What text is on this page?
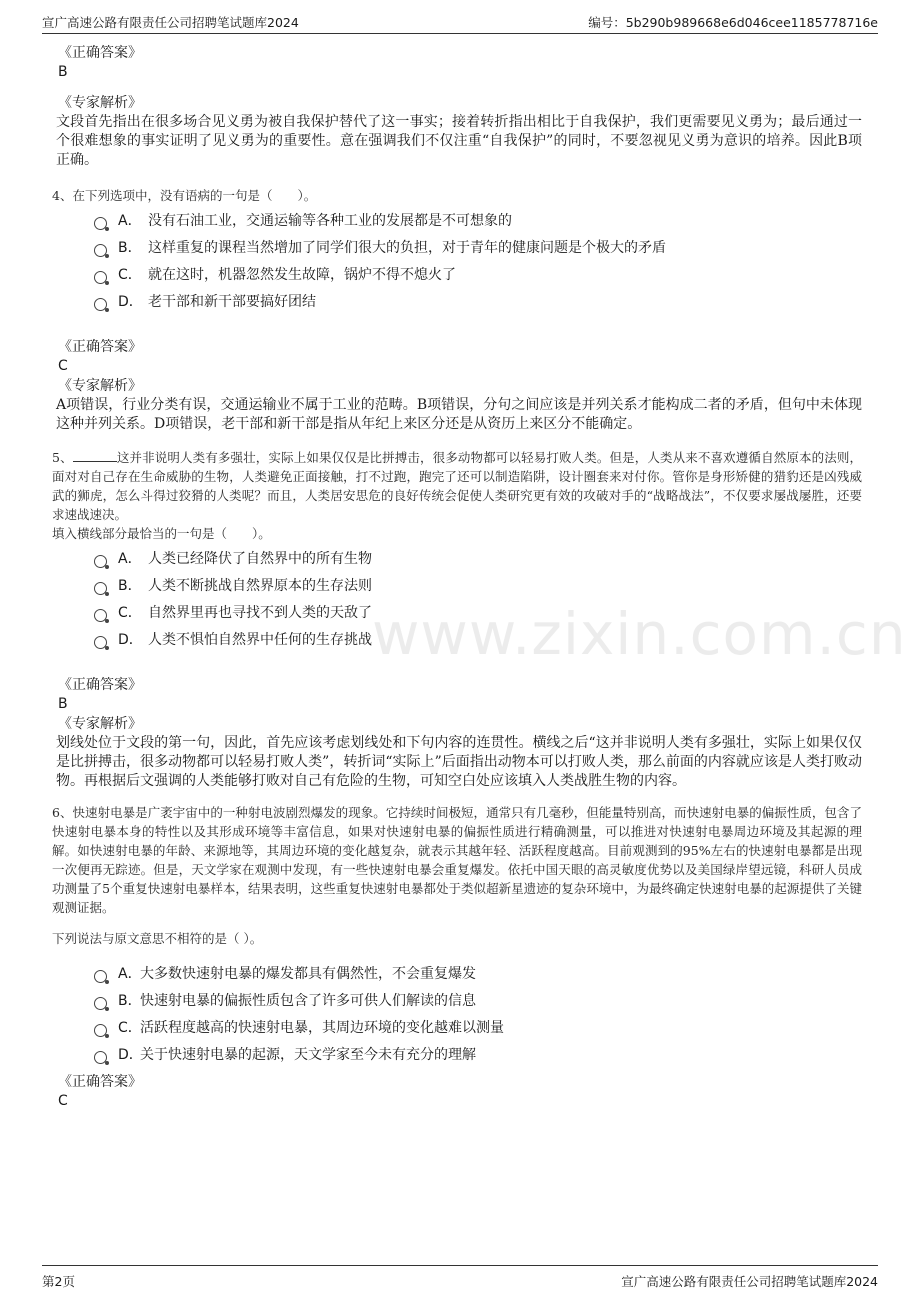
宣广高速公路有限责任公司招聘笔试题库2024	编号：5b290b989668e6d046cee1185778716e
www.zixin.com.cn
《正确答案》
B
《专家解析》
文段首先指出在很多场合见义勇为被自我保护替代了这一事实；接着转折指出相比于自我保护，我们更需要见义勇为；最后通过一个很难想象的事实证明了见义勇为的重要性。意在强调我们不仅注重“自我保护”的同时，不要忽视见义勇为意识的培养。因此B项正确。
4、在下列选项中，没有语病的一句是（　　）。
A． 没有石油工业，交通运输等各种工业的发展都是不可想象的
B． 这样重复的课程当然增加了同学们很大的负担，对于青年的健康问题是个极大的矛盾
C． 就在这时，机器忽然发生故障，锅炉不得不熄火了
D． 老干部和新干部要搞好团结
《正确答案》
C
《专家解析》
A项错误，行业分类有误，交通运输业不属于工业的范畴。B项错误，分句之间应该是并列关系才能构成二者的矛盾，但句中未体现这种并列关系。D项错误，老干部和新干部是指从年纪上来区分还是从资历上来区分不能确定。
5、	这并非说明人类有多强壮，实际上如果仅仅是比拼搏击，很多动物都可以轻易打败人类。但是，人类从来不喜欢遵循自然原本的法则，面对对自己存在生命威胁的生物，人类避免正面接触，打不过跑，跑完了还可以制造陷阱，设计圈套来对付你。管你是身形矫健的猎豹还是凶残威武的狮虎，怎么斗得过狡猾的人类呢？而且，人类居安思危的良好传统会促使人类研究更有效的攻破对手的“战略战法”，不仅要求屡战屡胜，还要求速战速决。
填入横线部分最恰当的一句是（　　）。
A． 人类已经降伏了自然界中的所有生物
B． 人类不断挑战自然界原本的生存法则
C． 自然界里再也寻找不到人类的天敌了
D． 人类不惧怕自然界中任何的生存挑战
《正确答案》
B
《专家解析》
划线处位于文段的第一句，因此，首先应该考虑划线处和下句内容的连贯性。横线之后“这并非说明人类有多强壮，实际上如果仅仅是比拼搏击，很多动物都可以轻易打败人类”，转折词“实际上”后面指出动物本可以打败人类，那么前面的内容就应该是人类打败动物。再根据后文强调的人类能够打败对自己有危险的生物，可知空白处应该填入人类战胜生物的内容。
6、快速射电暴是广袤宇宙中的一种射电波剧烈爆发的现象。它持续时间极短，通常只有几毫秒，但能量特别高，而快速射电暴的偏振性质，包含了快速射电暴本身的特性以及其形成环境等丰富信息，如果对快速射电暴的偏振性质进行精确测量，可以推进对快速射电暴周边环境及其起源的理解。如快速射电暴的年龄、来源地等，其周边环境的变化越复杂，就表示其越年轻、活跃程度越高。目前观测到的95%左右的快速射电暴都是出现一次便再无踪迹。但是，天文学家在观测中发现，有一些快速射电暴会重复爆发。依托中国天眼的高灵敏度优势以及美国绿岸望远镜，科研人员成功测量了5个重复快速射电暴样本，结果表明，这些重复快速射电暴都处于类似超新星遗迹的复杂环境中，为最终确定快速射电暴的起源提供了关键观测证据。
下列说法与原文意思不相符的是（ ）。
A．大多数快速射电暴的爆发都具有偶然性，不会重复爆发
B．快速射电暴的偏振性质包含了许多可供人们解读的信息
C．活跃程度越高的快速射电暴，其周边环境的变化越难以测量
D．关于快速射电暴的起源，天文学家至今未有充分的理解
《正确答案》
C
第2页	宣广高速公路有限责任公司招聘笔试题库2024
